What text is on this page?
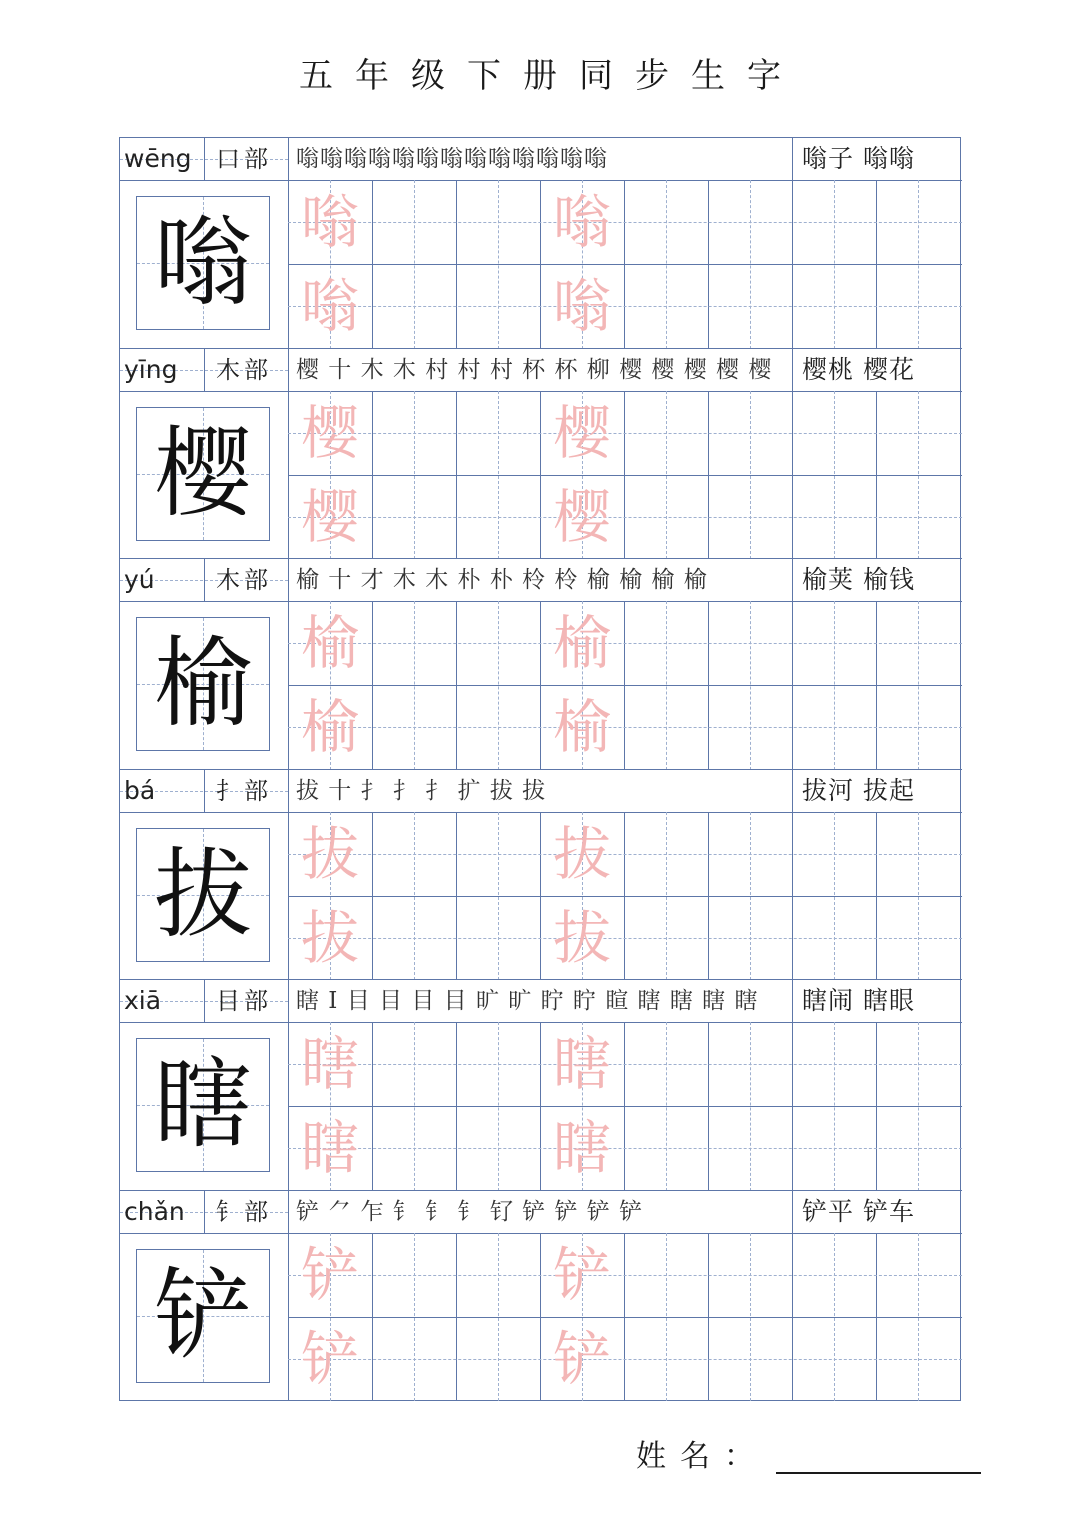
五年级下册同步生字
wēng 口部 嗡嗡嗡嗡嗡嗡嗡嗡嗡嗡嗡嗡嗡	嗡子 嗡嗡
嗡 嗡
嗡
嗡
嗡
yīng 木部 樱 十 木 木 村 村 村 杯 杯 柳 樱 樱 樱 樱 樱	樱桃 樱花
樱 樱
樱
樱
樱
yú	木部 榆 十 才 木 木 朴 朴 柃 柃 榆 榆 榆 榆	榆荚 榆钱
榆 榆
榆
榆
榆
bá	扌部 拔 十 扌 扌 扌 扩 拔 拔	拔河 拔起
拔 拔
拔
拔
拔
xiā 目部 瞎 Ⅰ 目 目 目 目 旷 旷 眝 眝 睻 瞎 瞎 瞎 瞎	瞎闹 瞎眼
瞎 瞎
瞎
瞎
瞎
chǎn 钅部 铲 ⺈ 乍 钅 钅 钅 钌 铲 铲 铲 铲	铲平 铲车
铲 铲
铲
铲
铲
姓名：
